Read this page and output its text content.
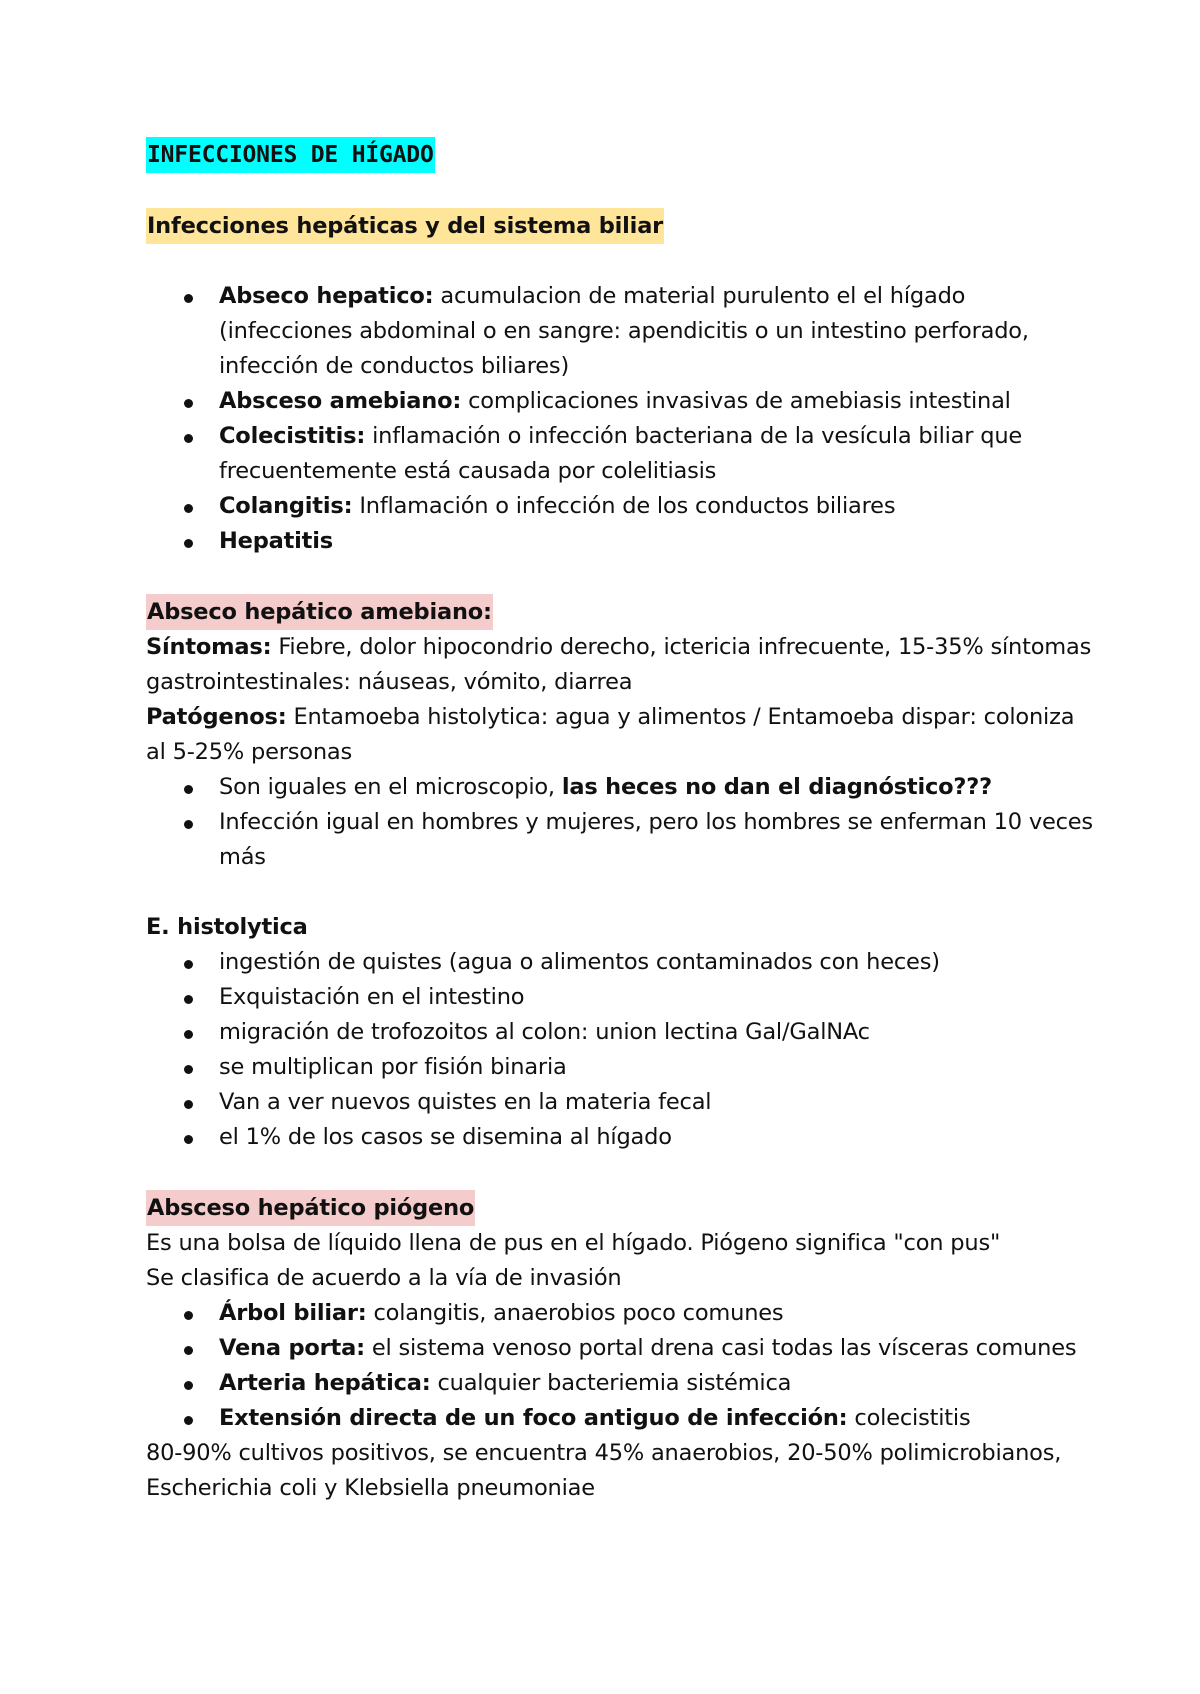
INFECCIONES DE HÍGADO

Infecciones hepáticas y del sistema biliar

Abseco hepatico: acumulacion de material purulento el el hígado (infecciones abdominal o en sangre: apendicitis o un intestino perforado, infección de conductos biliares)
Absceso amebiano: complicaciones invasivas de amebiasis intestinal
Colecistitis: inflamación o infección bacteriana de la vesícula biliar que frecuentemente está causada por colelitiasis
Colangitis: Inflamación o infección de los conductos biliares
Hepatitis

Abseco hepático amebiano:

Síntomas: Fiebre, dolor hipocondrio derecho, ictericia infrecuente, 15-35% síntomas gastrointestinales: náuseas, vómito, diarrea

Patógenos: Entamoeba histolytica: agua y alimentos / Entamoeba dispar: coloniza al 5-25% personas

Son iguales en el microscopio, las heces no dan el diagnóstico???
Infección igual en hombres y mujeres, pero los hombres se enferman 10 veces más

E. histolytica

ingestión de quistes (agua o alimentos contaminados con heces)
Exquistación en el intestino
migración de trofozoitos al colon: union lectina Gal/GalNAc
se multiplican por fisión binaria
Van a ver nuevos quistes en la materia fecal
el 1% de los casos se disemina al hígado

Absceso hepático piógeno

Es una bolsa de líquido llena de pus en el hígado. Piógeno significa "con pus"

Se clasifica de acuerdo a la vía de invasión

Árbol biliar: colangitis, anaerobios poco comunes
Vena porta: el sistema venoso portal drena casi todas las vísceras comunes
Arteria hepática: cualquier bacteriemia sistémica
Extensión directa de un foco antiguo de infección: colecistitis

80-90% cultivos positivos, se encuentra 45% anaerobios, 20-50% polimicrobianos, Escherichia coli y Klebsiella pneumoniae
